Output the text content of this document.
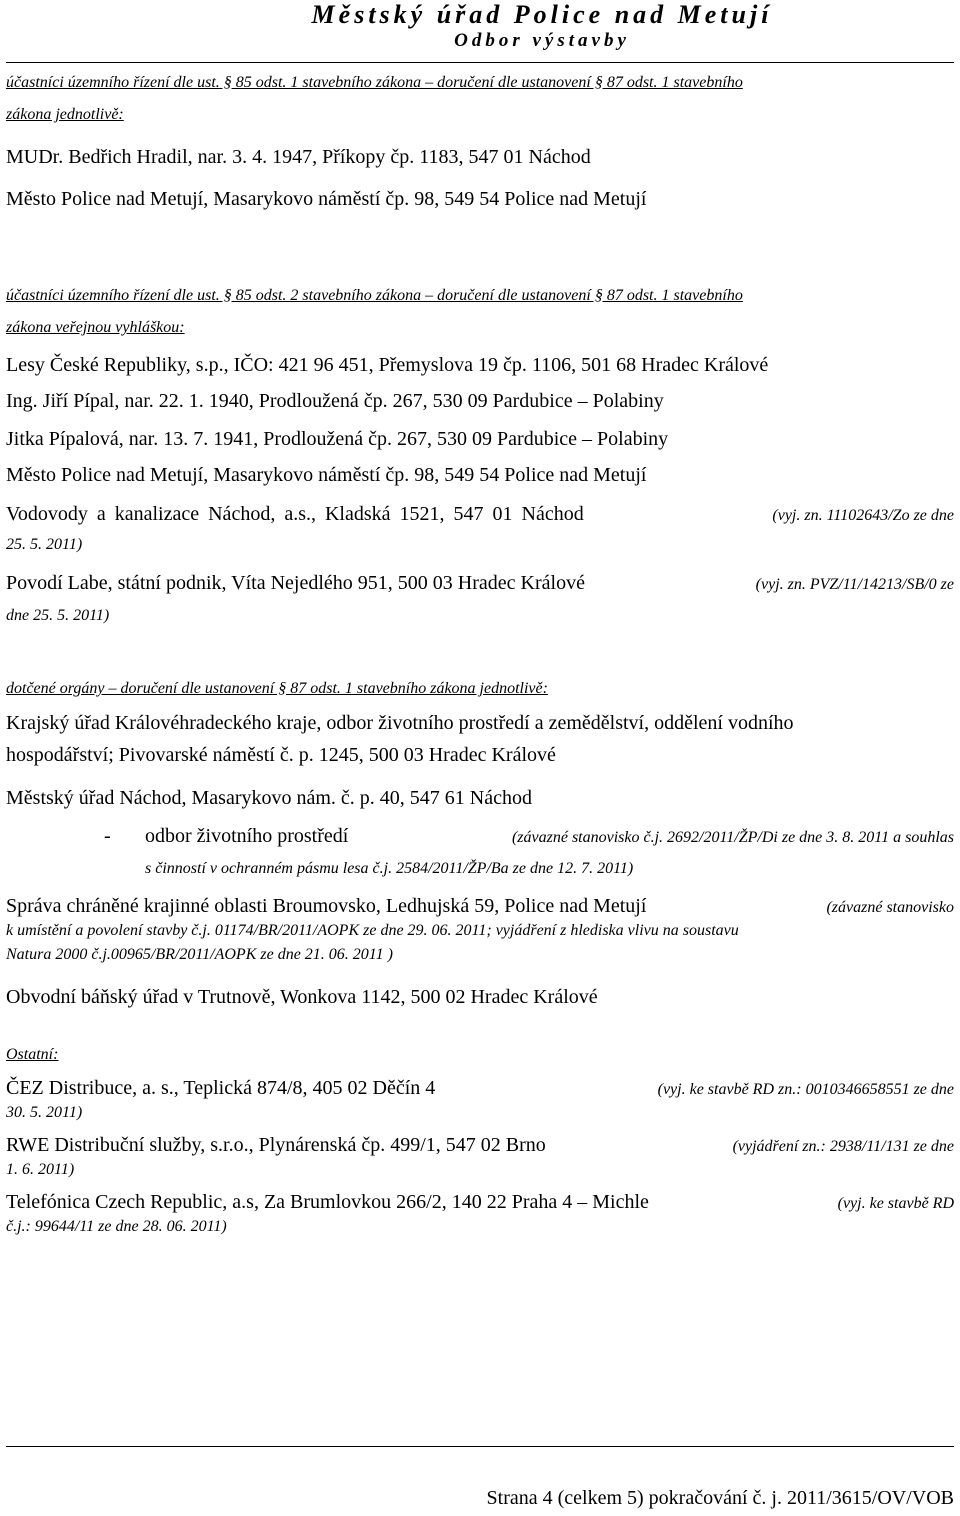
Městský úřad Police nad Metují
Odbor výstavby
účastníci územního řízení dle ust. § 85 odst. 1 stavebního zákona – doručení dle ustanovení § 87 odst. 1 stavebního
zákona jednotlivě:
MUDr. Bedřich Hradil, nar. 3. 4. 1947, Příkopy čp. 1183, 547 01 Náchod
Město Police nad Metují, Masarykovo náměstí čp. 98, 549 54 Police nad Metují
účastníci územního řízení dle ust. § 85 odst. 2 stavebního zákona – doručení dle ustanovení § 87 odst. 1 stavebního
zákona veřejnou vyhláškou:
Lesy České Republiky, s.p., IČO: 421 96 451, Přemyslova 19 čp. 1106, 501 68 Hradec Králové
Ing. Jiří Pípal, nar. 22. 1. 1940, Prodloužená čp. 267, 530 09 Pardubice – Polabiny
Jitka Pípalová, nar. 13. 7. 1941, Prodloužená čp. 267, 530 09 Pardubice – Polabiny
Město Police nad Metují, Masarykovo náměstí čp. 98, 549 54 Police nad Metují
Vodovody a kanalizace Náchod, a.s., Kladská 1521, 547 01 Náchod	(vyj. zn. 11102643/Zo ze dne
25. 5. 2011)
Povodí Labe, státní podnik, Víta Nejedlého 951, 500 03 Hradec Králové	(vyj. zn. PVZ/11/14213/SB/0 ze
dne 25. 5. 2011)
dotčené orgány – doručení dle ustanovení § 87 odst. 1 stavebního zákona jednotlivě:
Krajský úřad Královéhradeckého kraje, odbor životního prostředí a zemědělství, oddělení vodního
hospodářství; Pivovarské náměstí č. p. 1245, 500 03 Hradec Králové
Městský úřad Náchod, Masarykovo nám. č. p. 40, 547 61 Náchod
- odbor životního prostředí	(závazné stanovisko č.j. 2692/2011/ŽP/Di ze dne 3. 8. 2011 a souhlas
s činností v ochranném pásmu lesa č.j. 2584/2011/ŽP/Ba ze dne 12. 7. 2011)
Správa chráněné krajinné oblasti Broumovsko, Ledhujská 59, Police nad Metují	(závazné stanovisko
k umístění a povolení stavby č.j. 01174/BR/2011/AOPK ze dne 29. 06. 2011; vyjádření z hlediska vlivu na soustavu
Natura 2000 č.j.00965/BR/2011/AOPK ze dne 21. 06. 2011 )
Obvodní báňský úřad v Trutnově, Wonkova 1142, 500 02 Hradec Králové
Ostatní:
ČEZ Distribuce, a. s., Teplická 874/8, 405 02 Děčín 4	(vyj. ke stavbě RD zn.: 0010346658551 ze dne
30. 5. 2011)
RWE Distribuční služby, s.r.o., Plynárenská čp. 499/1, 547 02 Brno	(vyjádření zn.: 2938/11/131 ze dne
1. 6. 2011)
Telefónica Czech Republic, a.s, Za Brumlovkou 266/2, 140 22 Praha 4 – Michle	(vyj. ke stavbě RD
č.j.: 99644/11 ze dne 28. 06. 2011)
Strana 4 (celkem 5) pokračování č. j. 2011/3615/OV/VOB
